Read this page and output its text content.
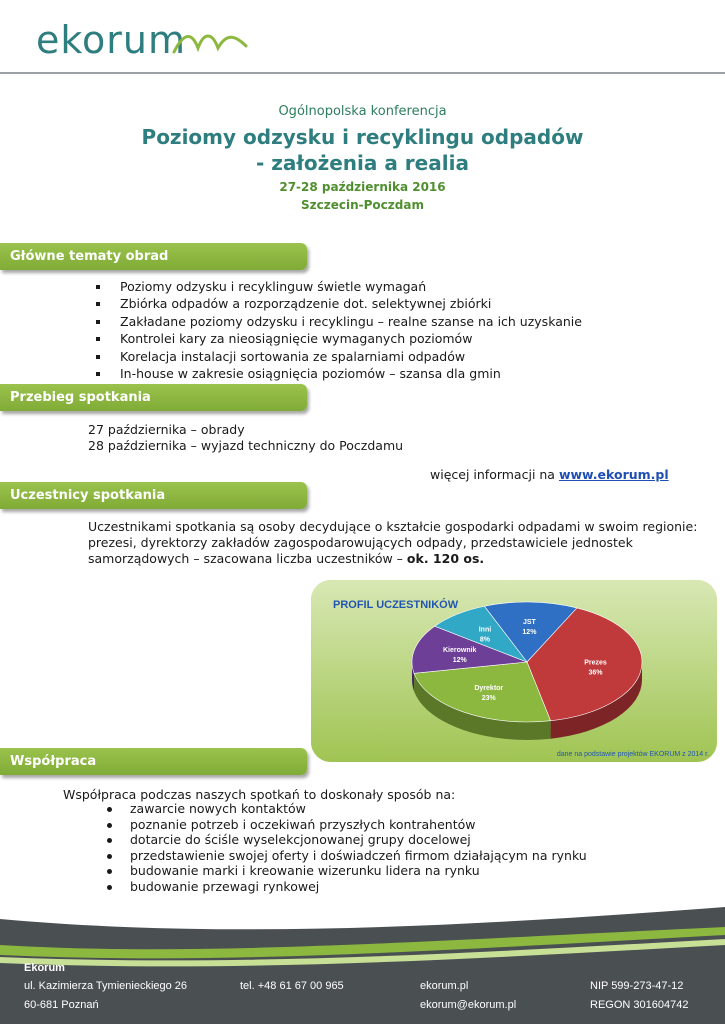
ekorum
Ogólnopolska konferencja
Poziomy odzysku i recyklingu odpadów
- założenia a realia
27-28 października 2016
Szczecin-Poczdam
Główne tematy obrad
Poziomy odzysku i recyklinguw świetle wymagań
Zbiórka odpadów a rozporządzenie dot. selektywnej zbiórki
Zakładane poziomy odzysku i recyklingu – realne szanse na ich uzyskanie
Kontrolei kary za nieosiągnięcie wymaganych poziomów
Korelacja instalacji sortowania ze spalarniami odpadów
In-house w zakresie osiągnięcia poziomów – szansa dla gmin
Przebieg spotkania
27 października – obrady
28 października – wyjazd techniczny do Poczdamu
więcej informacji na www.ekorum.pl
Uczestnicy spotkania
Uczestnikami spotkania są osoby decydujące o kształcie gospodarki odpadami w swoim regionie:
prezesi, dyrektorzy zakładów zagospodarowujących odpady, przedstawiciele jednostek
samorządowych – szacowana liczba uczestników – ok. 120 os.
JST
12%
Prezes
36%
Dyrektor
23%
Kierownik
12%
Inni
8%
PROFIL UCZESTNIKÓW
dane na podstawie projektów EKORUM z 2014 r.
Współpraca
Współpraca podczas naszych spotkań to doskonały sposób na:
zawarcie nowych kontaktów
poznanie potrzeb i oczekiwań przyszłych kontrahentów
dotarcie do ściśle wyselekcjonowanej grupy docelowej
przedstawienie swojej oferty i doświadczeń firmom działającym na rynku
budowanie marki i kreowanie wizerunku lidera na rynku
budowanie przewagi rynkowej
Ekorum
ul. Kazimierza Tymienieckiego 26
60-681 Poznań
tel. +48 61 67 00 965	ekorum.pl
ekorum@ekorum.pl
NIP 599-273-47-12
REGON 301604742
